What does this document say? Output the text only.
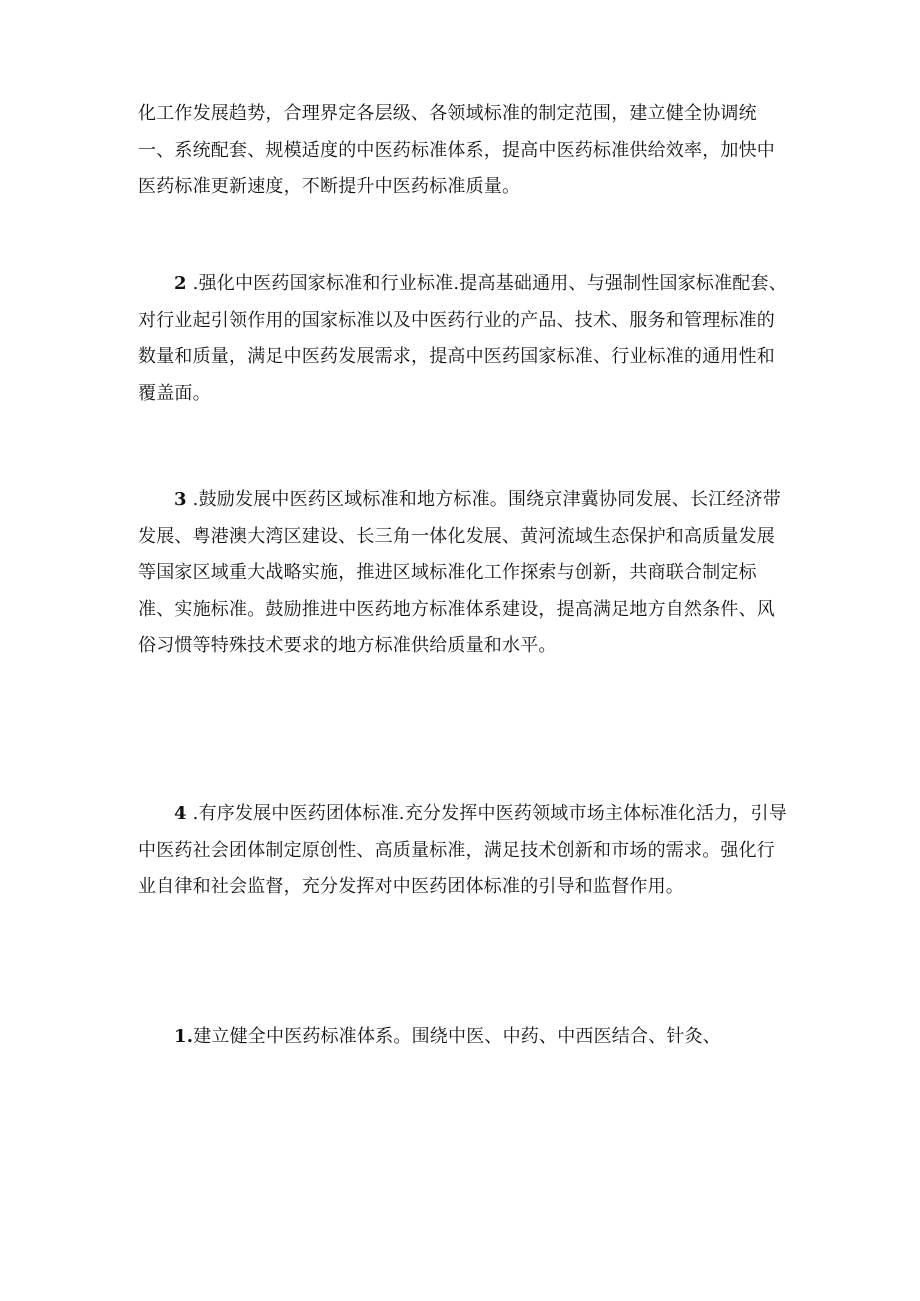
化工作发展趋势，合理界定各层级、各领域标准的制定范围，建立健全协调统一、系统配套、规模适度的中医药标准体系，提高中医药标准供给效率，加快中医药标准更新速度，不断提升中医药标准质量。

2 .强化中医药国家标准和行业标准.提高基础通用、与强制性国家标准配套、对行业起引领作用的国家标准以及中医药行业的产品、技术、服务和管理标准的数量和质量，满足中医药发展需求，提高中医药国家标准、行业标准的通用性和覆盖面。

3 .鼓励发展中医药区域标准和地方标准。围绕京津冀协同发展、长江经济带发展、粤港澳大湾区建设、长三角一体化发展、黄河流域生态保护和高质量发展等国家区域重大战略实施，推进区域标准化工作探索与创新，共商联合制定标准、实施标准。鼓励推进中医药地方标准体系建设，提高满足地方自然条件、风俗习惯等特殊技术要求的地方标准供给质量和水平。

4 .有序发展中医药团体标准.充分发挥中医药领域市场主体标准化活力，引导中医药社会团体制定原创性、高质量标准，满足技术创新和市场的需求。强化行业自律和社会监督，充分发挥对中医药团体标准的引导和监督作用。

1.建立健全中医药标准体系。围绕中医、中药、中西医结合、针灸、
